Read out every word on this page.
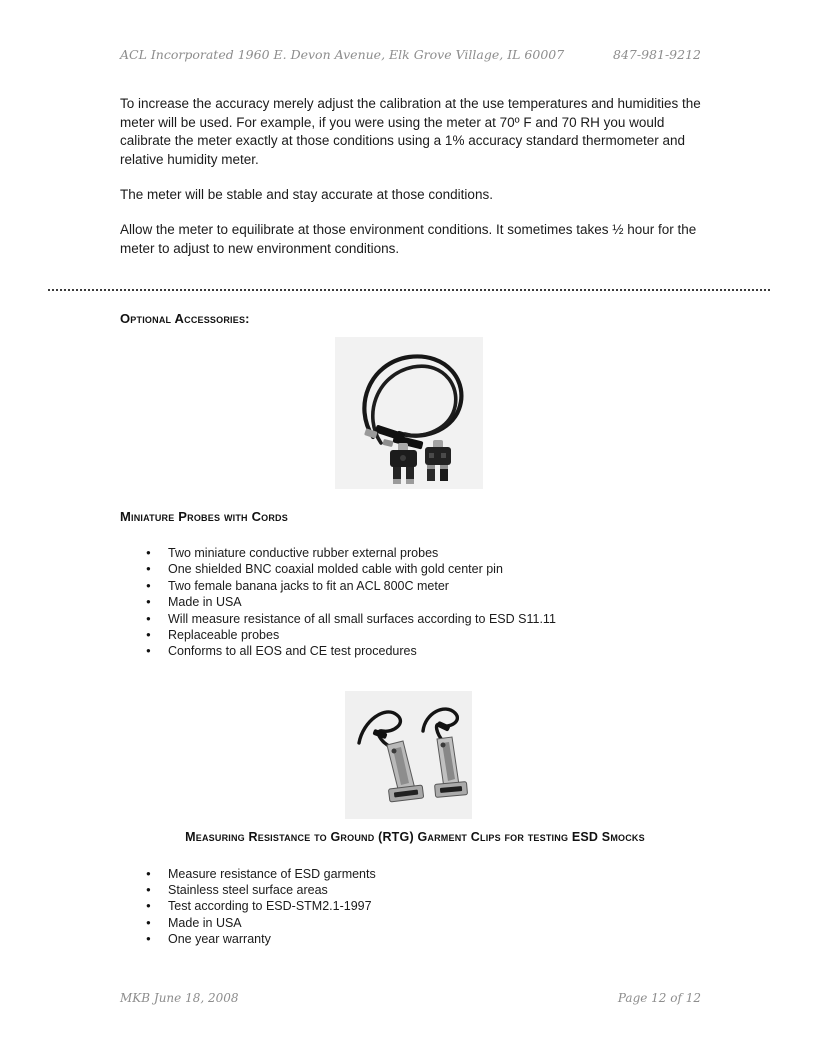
ACL Incorporated 1960 E. Devon Avenue, Elk Grove Village, IL 60007	847-981-9212

To increase the accuracy merely adjust the calibration at the use temperatures and humidities the meter will be used. For example, if you were using the meter at 70º F and 70 RH you would calibrate the meter exactly at those conditions using a 1% accuracy standard thermometer and relative humidity meter.

The meter will be stable and stay accurate at those conditions.

Allow the meter to equilibrate at those environment conditions. It sometimes takes ½ hour for the meter to adjust to new environment conditions.

Optional Accessories:
Miniature Probes with Cords
●	Two miniature conductive rubber external probes
●	One shielded BNC coaxial molded cable with gold center pin
●	Two female banana jacks to fit an ACL 800C meter
●	Made in USA
●	Will measure resistance of all small surfaces according to ESD S11.11
●	Replaceable probes
●	Conforms to all EOS and CE test procedures
Measuring Resistance to Ground (RTG) Garment Clips for testing ESD Smocks
●	Measure resistance of ESD garments
●	Stainless steel surface areas
●	Test according to ESD-STM2.1-1997
●	Made in USA
●	One year warranty
MKB June 18, 2008	Page 12 of 12
